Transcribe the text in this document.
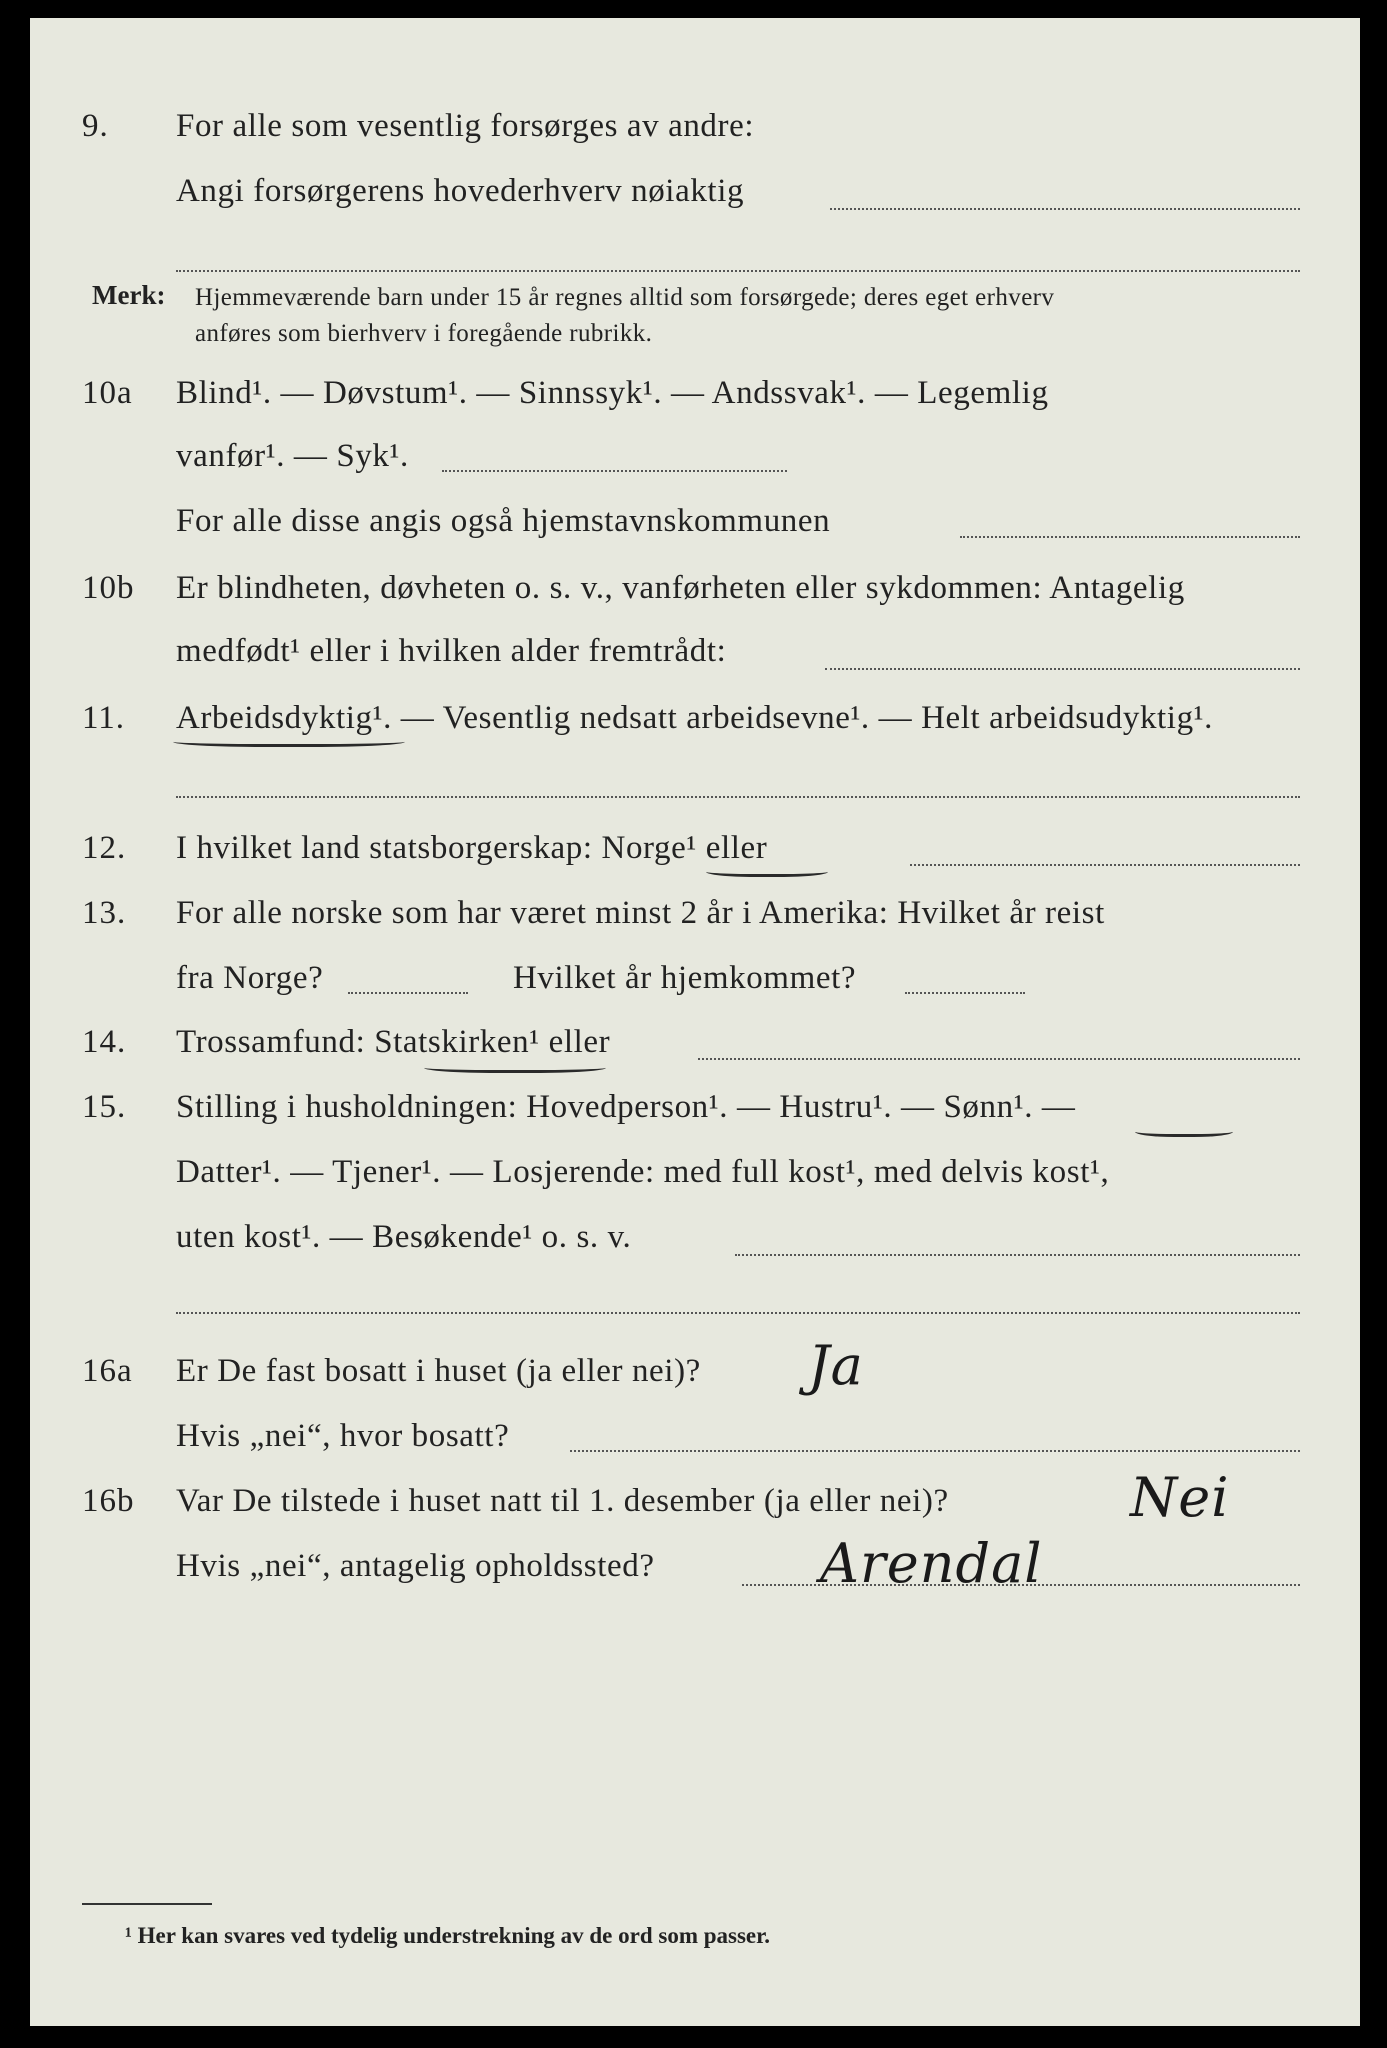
9. For alle som vesentlig forsørges av andre:
Angi forsørgerens hovederhverv nøiaktig
Merk: Hjemmeværende barn under 15 år regnes alltid som forsørgede; deres eget erhverv
anføres som bierhverv i foregående rubrikk.
10a Blind¹. — Døvstum¹. — Sinnssyk¹. — Andssvak¹. — Legemlig
vanfør¹. — Syk¹.
For alle disse angis også hjemstavnskommunen
10b Er blindheten, døvheten o. s. v., vanførheten eller sykdommen: Antagelig
medfødt¹ eller i hvilken alder fremtrådt:
11. Arbeidsdyktig¹. — Vesentlig nedsatt arbeidsevne¹. — Helt arbeidsudyktig¹.
12. I hvilket land statsborgerskap: Norge¹ eller
13. For alle norske som har været minst 2 år i Amerika: Hvilket år reist
fra Norge?	Hvilket år hjemkommet?
14. Trossamfund: Statskirken¹ eller
15. Stilling i husholdningen: Hovedperson¹. — Hustru¹. — Sønn¹. —
Datter¹. — Tjener¹. — Losjerende: med full kost¹, med delvis kost¹,
uten kost¹. — Besøkende¹ o. s. v.
16a Er De fast bosatt i huset (ja eller nei)? Ja
Hvis „nei“, hvor bosatt?
16b Var De tilstede i huset natt til 1. desember (ja eller nei)?	Nei
Hvis „nei“, antagelig opholdssted?	Arendal
¹ Her kan svares ved tydelig understrekning av de ord som passer.
